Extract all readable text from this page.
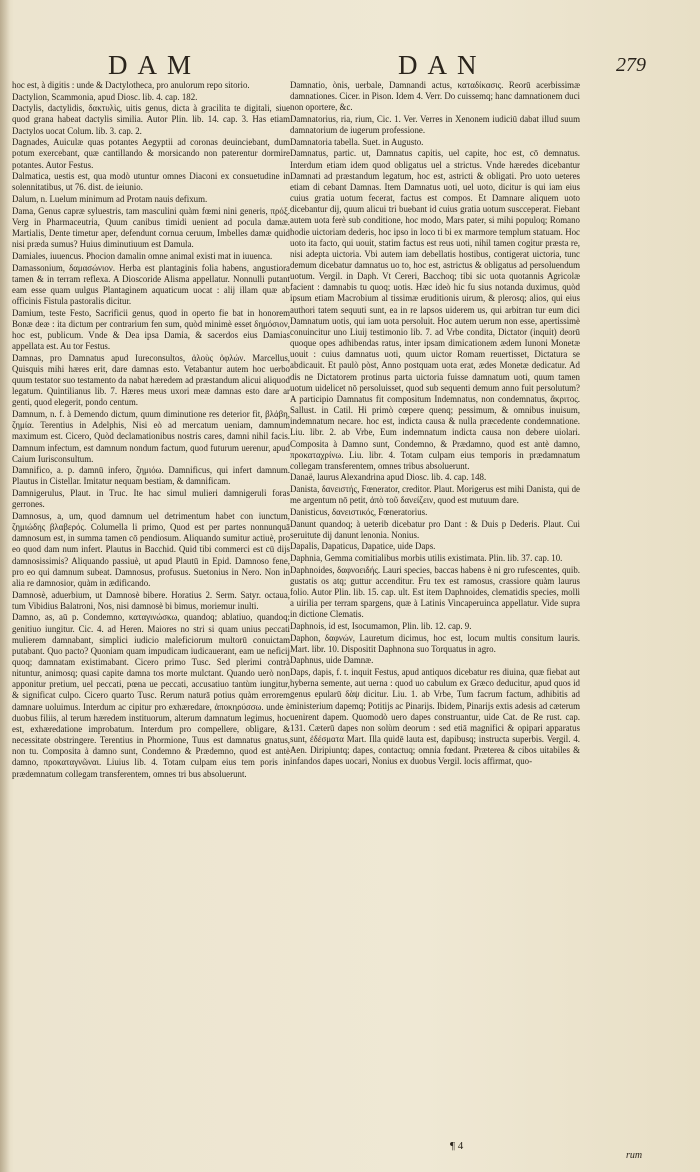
DAM	DAN	279

hoc est, à digitis : unde & Dactylotheca, pro anulorum repo sitorio.

Dactylion, Scammonia, apud Diosc. lib. 4. cap. 182.

Dactylis, dactylidis, δακτυλὶς, uitis genus, dicta à gracilita te digitali, siue quod grana habeat dactylis similia. Autor Plin. lib. 14. cap. 3. Has etiam Dactylos uocat Colum. lib. 3. cap. 2.

Dagnades, Auiculæ quas potantes Aegyptii ad coronas deuinciebant, dum potum exercebant, quæ cantillando & morsicando non paterentur dormire potantes. Autor Festus.

Dalmatica, uestis est, qua modò utuntur omnes Diaconi ex consuetudine in solennitatibus, ut 76. dist. de ieiunio.

Dalum, n. Luelum minimum ad Protam nauis defixum.

Dama, Genus capræ syluestris, tam masculini quàm fœmi nini generis, πρόξ. Verg in Pharmaceutria, Quum canibus timidi uenient ad pocula damæ. Martialis, Dente timetur aper, defendunt cornua ceruum, Imbelles damæ quid nisi præda sumus? Huius diminutiuum est Damula.

Damiales, iuuencus. Phocion damalin omne animal existi mat in iuuenca.

Damassonium, δαμασώνιον. Herba est plantaginis folia habens, angustiora tamen & in terram reflexa. A Dioscoride Alisma appellatur. Nonnulli putant eam esse quam uulgus Plantaginem aquaticum uocat : alij illam quæ ab officinis Fistula pastoralis dicitur.

Damium, teste Festo, Sacrificii genus, quod in operto fie bat in honorem Bonæ deæ : ita dictum per contrarium fen sum, quòd minimè esset δημόσιον, hoc est, publicum. Vnde & Dea ipsa Damia, & sacerdos eius Damias appellata est. Au tor Festus.

Damnas, pro Damnatus apud Iureconsultos, ἀλοὺς ὀφλών. Marcellus, Quisquis mihi hæres erit, dare damnas esto. Vetabantur autem hoc uerbo quum testator suo testamento da nabat hæredem ad præstandum alicui aliquod legatum. Quintilianus lib. 7. Hæres meus uxori meæ damnas esto dare ar genti, quod elegerit, pondo centum.

Damnum, n. f. à Demendo dictum, quum diminutione res deterior fit, βλάβη, ζημία. Terentius in Adelphis, Nisi eò ad mercatum ueniam, damnum maximum est. Cicero, Quòd declamationibus nostris cares, damni nihil facis. Damnum infectum, est damnum nondum factum, quod futurum uerenur, apud Caium Iurisconsultum.

Damnifico, a. p. damnū infero, ζημιόω. Damnificus, qui infert damnum. Plautus in Cistellar. Imitatur nequam bestiam, & damnificam.

Damnigerulus, Plaut. in Truc. Ite hac simul mulieri damnigeruli foras gerrones.

Damnosus, a, um, quod damnum uel detrimentum habet con iunctum, ζημιώδης βλαβερός. Columella li primo, Quod est per partes nonnunquā damnosum est, in summa tamen cō pendiosum. Aliquando sumitur actiuè, pro eo quod dam num infert. Plautus in Bacchid. Quid tibi commerci est cū dijs damnosissimis? Aliquando passiuè, ut apud Plautū in Epid. Damnoso fene, pro eo qui damnum subeat. Damnosus, profusus. Suetonius in Nero. Non in alia re damnosior, quàm in ædificando.

Damnosè, aduerbium, ut Damnosè bibere. Horatius 2. Serm. Satyr. octaua, tum Vibidius Balatroni, Nos, nisi damnosè bi bimus, moriemur inulti.

Damno, as, aū p. Condemno, καταγινώσκω, quandoq; ablatiuo, quandoq; genitiuo iungitur. Cic. 4. ad Heren. Maiores no stri si quam unius peccati mulierem damnabant, simplici iudicio maleficiorum multorū conuictam putabant. Quo pacto? Quoniam quam impudicam iudicauerant, eam ue neficij quoq; damnatam existimabant. Cicero primo Tusc. Sed plerimi contrà nituntur, animosq; quasi capite damna tos morte mulctant. Quando uerò non apponitur pretium, uel peccati, pœna ue peccati, accusatiuo tantùm iungitur, & significat culpo. Cicero quarto Tusc. Rerum naturā potius quàm errorem damnare uoluimus. Interdum ac cipitur pro exhæredare, ἀποκηρύσσω. unde è duobus filiis, al terum hæredem instituorum, alterum damnatum legimus, hoc est, exhæredatione improbatum. Interdum pro compellere, obligare, & necessitate obstringere. Terentius in Phormione, Tuus est damnatus gnatus, non tu. Composita à damno sunt, Condemno & Prædemno, quod est antè damno, προκαταγνῶναι. Liuius lib. 4. Totam culpam eius tem poris in prædemnatum collegam transferentem, omnes tri bus absoluerunt.

Damnatio, ònis, uerbale, Damnandi actus, καταδίκασις. Reorū acerbissimæ damnationes. Cicer. in Pison. Idem 4. Verr. Do cuissemq; hanc damnationem duci non oportere, &c.

Damnatorius, ria, rium, Cic. 1. Ver. Verres in Xenonem iudiciū dabat illud suum damnatorium de iugerum professione.

Damnatoria tabella. Suet. in Augusto.

Damnatus, partic. ut, Damnatus capitis, uel capite, hoc est, cō demnatus. Interdum etiam idem quod obligatus uel a strictus. Vnde hæredes dicebantur Damnati ad præstandum legatum, hoc est, astricti & obligati. Pro uoto ueteres etiam di cebant Damnas. Item Damnatus uoti, uel uoto, dicitur is qui iam eius cuius gratia uotum fecerat, factus est compos. Et Damnare aliquem uoto dicebantur dij, quum alicui tri buebant id cuius gratia uotum suscceperat. Fiebant autem uota ferè sub conditione, hoc modo, Mars pater, si mihi populoq; Romano hodie uictoriam dederis, hoc ipso in loco ti bi ex marmore templum statuam. Hoc uoto ita facto, qui uouit, statim factus est reus uoti, nihil tamen cogitur præsta re, nisi adepta uictoria. Vbi autem iam debellatis hostibus, contigerat uictoria, tunc demum dicebatur damnatus uo to, hoc est, astrictus & obligatus ad persoluendum uotum. Vergil. in Daph. Vt Cereri, Bacchoq; tibi sic uota quotannis Agricolæ facient : damnabis tu quoq; uotis. Hæc ideò hic fu sius notanda duximus, quòd ipsum etiam Macrobium al tissimæ eruditionis uirum, & plerosq; alios, qui eius authori tatem sequuti sunt, ea in re lapsos uiderem us, qui arbitran tur eum dici Damnatum uotis, qui iam uota persoluit. Hoc autem uerum non esse, apertissimè conuincitur uno Liuij testimonio lib. 7. ad Vrbe condita, Dictator (inquit) deorū quoque opes adhibendas ratus, inter ipsam dimicationem ædem Iunoni Monetæ uouit : cuius damnatus uoti, quum uictor Romam reuertisset, Dictatura se abdicauit. Et paulò pòst, Anno postquam uota erat, ædes Monetæ dedicatur. Ad dis ne Dictatorem protinus parta uictoria fuisse damnatum uoti, quum tamen uotum uidelicet nō persoluisset, quod sub sequenti demum anno fuit persolutum? A participio Damnatus fit compositum Indemnatus, non condemnatus, ἄκριτος. Sallust. in Catil. Hi primò cœpere quenq; pessimum, & omnibus inuisum, indemnatum necare. hoc est, indicta causa & nulla præcedente condemnatione. Liu. libr. 2. ab Vrbe, Eum indemnatum indicta causa non debere uiolari. Composita à Damno sunt, Condemno, & Prædamno, quod est antè damno, προκαταχρίνω. Liu. libr. 4. Totam culpam eius temporis in prædamnatum collegam transferentem, omnes tribus absoluerunt.

Danaë, laurus Alexandrina apud Diosc. lib. 4. cap. 148.

Danista, δανειστής, Fœnerator, creditor. Plaut. Morigerus est mihi Danista, qui de me argentum nō petit, ἀπὸ τοῦ δανείζειν, quod est mutuum dare.

Danisticus, δανειστικός, Fœneratorius.

Danunt quandoq; à ueterib dicebatur pro Dant : & Duis p Dederis. Plaut. Cui seruitute dij danunt lenonia. Nonius.

Dapalis, Dapaticus, Dapatice, uide Daps.

Daphnia, Gemma comitialibus morbis utilis existimata. Plin. lib. 37. cap. 10.

Daphnoides, δαφνοειδής. Lauri species, baccas habens è ni gro rufescentes, quib. gustatis os atq; guttur accenditur. Fru tex est ramosus, crassiore quàm laurus folio. Autor Plin. lib. 15. cap. ult. Est item Daphnoides, clematidis species, molli a uirilia per terram spargens, quæ à Latinis Vincaperuinca appellatur. Vide supra in dictione Clematis.

Daphnois, id est, Isocumamon, Plin. lib. 12. cap. 9.

Daphon, δαφνών, Lauretum dicimus, hoc est, locum multis consitum lauris. Mart. libr. 10. Dispositit Daphnona suo Torquatus in agro.

Daphnus, uide Damnæ.

Daps, dapis, f. t. inquit Festus, apud antiquos dicebatur res diuina, quæ fiebat aut hyberna semente, aut uerna : quod uo cabulum ex Græco deducitur, apud quos id genus epularū δὰψ dicitur. Liu. 1. ab Vrbe, Tum facrum factum, adhibitis ad ministerium dapemq; Potitijs ac Pinarijs. Ibidem, Pinarijs extis adesis ad cæterum uenirent dapem. Quomodò uero dapes construantur, uide Cat. de Re rust. cap. 131. Cæterū dapes non solùm deorum : sed etiā magnifici & opipari apparatus sunt, ἐδέσματα Mart. Illa quidē lauta est, dapibusq; instructa superbis. Vergil. 4. Aen. Diripiuntq; dapes, contactuq; omnia fœdant. Præterea & cibos uitabiles & infandos dapes uocari, Nonius ex duobus Vergil. locis affirmat, quo-

¶ 4
rum
